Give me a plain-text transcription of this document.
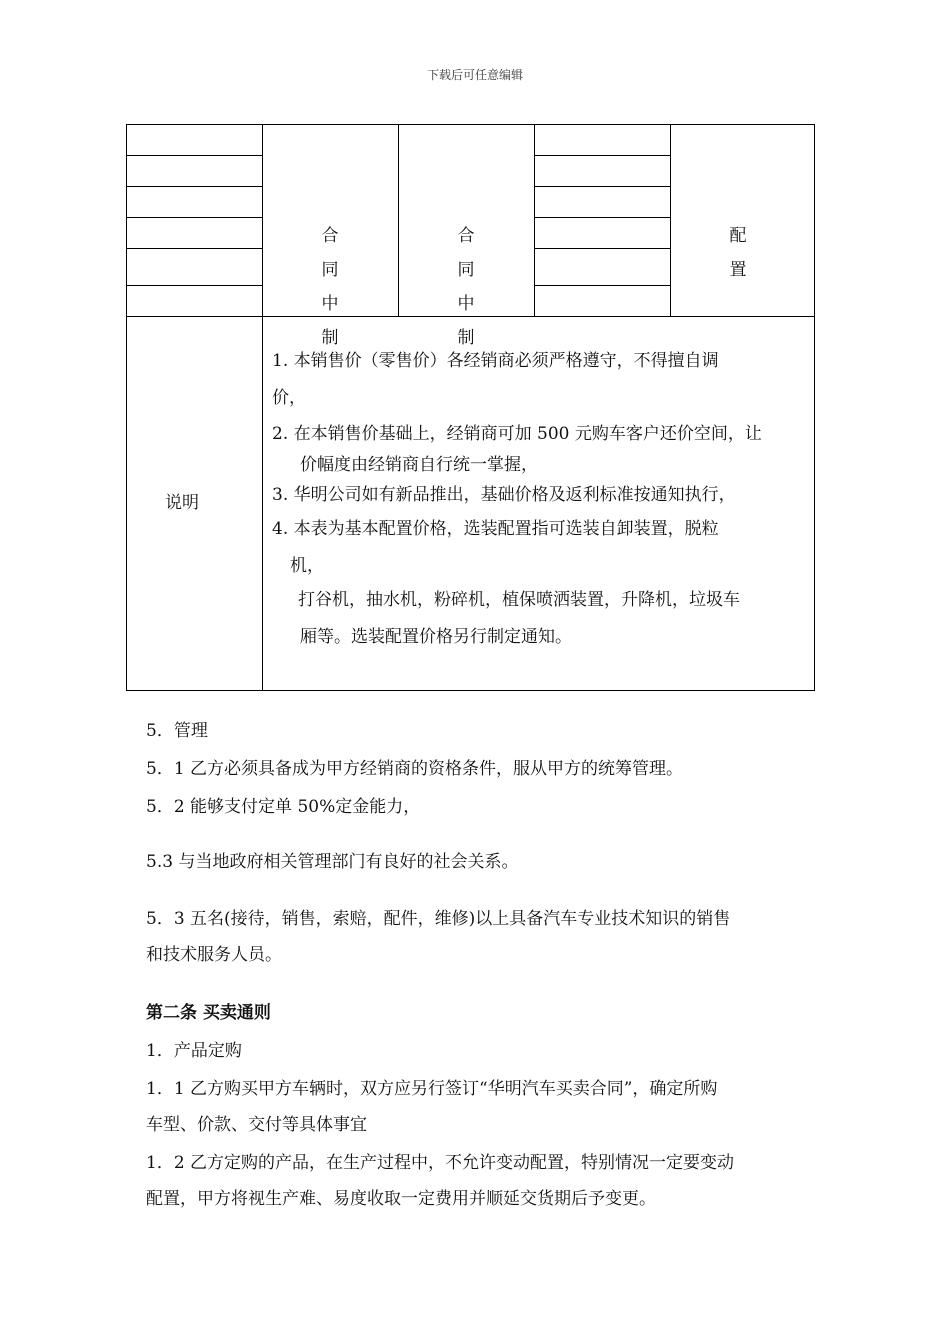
下载后可任意编辑
合
同
中
制
合
同
中
制
配
置
说明

1. 本销售价（零售价）各经销商必须严格遵守，不得擅自调

价，

2. 在本销售价基础上，经销商可加 500 元购车客户还价空间，让

价幅度由经销商自行统一掌握，

3. 华明公司如有新品推出，基础价格及返利标准按通知执行，

4. 本表为基本配置价格，选装配置指可选装自卸装置，脱粒

机，

打谷机，抽水机，粉碎机，植保喷洒装置，升降机，垃圾车

厢等。选装配置价格另行制定通知。

5．管理
5．1 乙方必须具备成为甲方经销商的资格条件，服从甲方的统筹管理。
5．2 能够支付定单 50%定金能力，
5.3 与当地政府相关管理部门有良好的社会关系。
5．3 五名(接待，销售，索赔，配件，维修)以上具备汽车专业技术知识的销售
和技术服务人员。
第二条 买卖通则
1．产品定购
1．1 乙方购买甲方车辆时，双方应另行签订“华明汽车买卖合同”，确定所购
车型、价款、交付等具体事宜
1．2 乙方定购的产品，在生产过程中，不允许变动配置，特别情况一定要变动
配置，甲方将视生产难、易度收取一定费用并顺延交货期后予变更。
